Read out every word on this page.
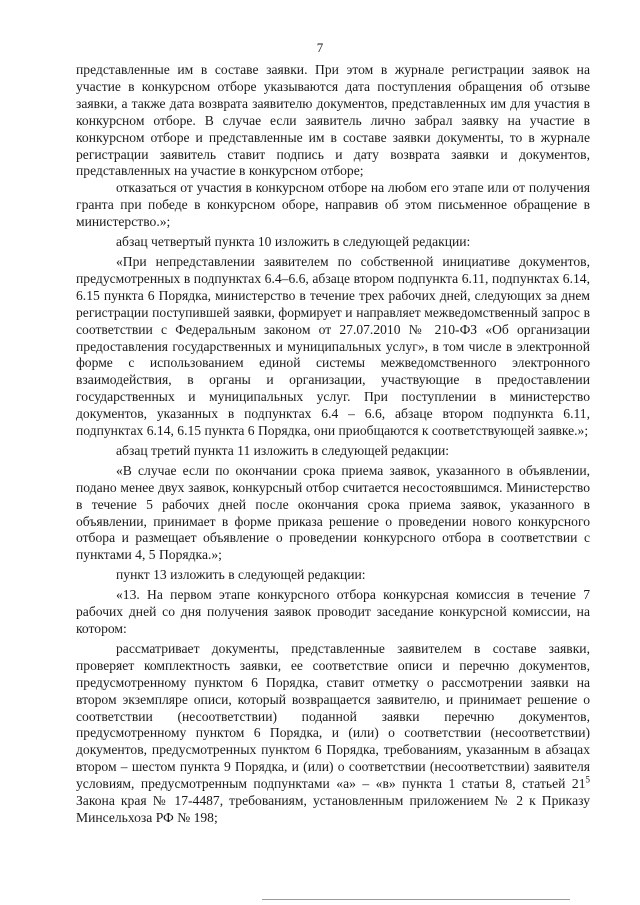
7

представленные им в составе заявки. При этом в журнале регистрации заявок на участие в конкурсном отборе указываются дата поступления обращения об отзыве заявки, а также дата возврата заявителю документов, представленных им для участия в конкурсном отборе. В случае если заявитель лично забрал заявку на участие в конкурсном отборе и представленные им в составе заявки документы, то в журнале регистрации заявитель ставит подпись и дату возврата заявки и документов, представленных на участие в конкурсном отборе;

отказаться от участия в конкурсном отборе на любом его этапе или от получения гранта при победе в конкурсном оборе, направив об этом письменное обращение в министерство.»;

абзац четвертый пункта 10 изложить в следующей редакции:

«При непредставлении заявителем по собственной инициативе документов, предусмотренных в подпунктах 6.4–6.6, абзаце втором подпункта 6.11, подпунктах 6.14, 6.15 пункта 6 Порядка, министерство в течение трех рабочих дней, следующих за днем регистрации поступившей заявки, формирует и направляет межведомственный запрос в соответствии с Федеральным законом от 27.07.2010 № 210-ФЗ «Об организации предоставления государственных и муниципальных услуг», в том числе в электронной форме с использованием единой системы межведомственного электронного взаимодействия, в органы и организации, участвующие в предоставлении государственных и муниципальных услуг. При поступлении в министерство документов, указанных в подпунктах 6.4 – 6.6, абзаце втором подпункта 6.11, подпунктах 6.14, 6.15 пункта 6 Порядка, они приобщаются к соответствующей заявке.»;

абзац третий пункта 11 изложить в следующей редакции:

«В случае если по окончании срока приема заявок, указанного в объявлении, подано менее двух заявок, конкурсный отбор считается несостоявшимся. Министерство в течение 5 рабочих дней после окончания срока приема заявок, указанного в объявлении, принимает в форме приказа решение о проведении нового конкурсного отбора и размещает объявление о проведении конкурсного отбора в соответствии с пунктами 4, 5 Порядка.»;

пункт 13 изложить в следующей редакции:

«13. На первом этапе конкурсного отбора конкурсная комиссия в течение 7 рабочих дней со дня получения заявок проводит заседание конкурсной комиссии, на котором:

рассматривает документы, представленные заявителем в составе заявки, проверяет комплектность заявки, ее соответствие описи и перечню документов, предусмотренному пунктом 6 Порядка, ставит отметку о рассмотрении заявки на втором экземпляре описи, который возвращается заявителю, и принимает решение о соответствии (несоответствии) поданной заявки перечню документов, предусмотренному пунктом 6 Порядка, и (или) о соответствии (несоответствии) документов, предусмотренных пунктом 6 Порядка, требованиям, указанным в абзацах втором – шестом пункта 9 Порядка, и (или) о соответствии (несоответствии) заявителя условиям, предусмотренным подпунктами «а» – «в» пункта 1 статьи 8, статьей $21^5$ Закона края № 17-4487, требованиям, установленным приложением № 2 к Приказу Минсельхоза РФ № 198;
